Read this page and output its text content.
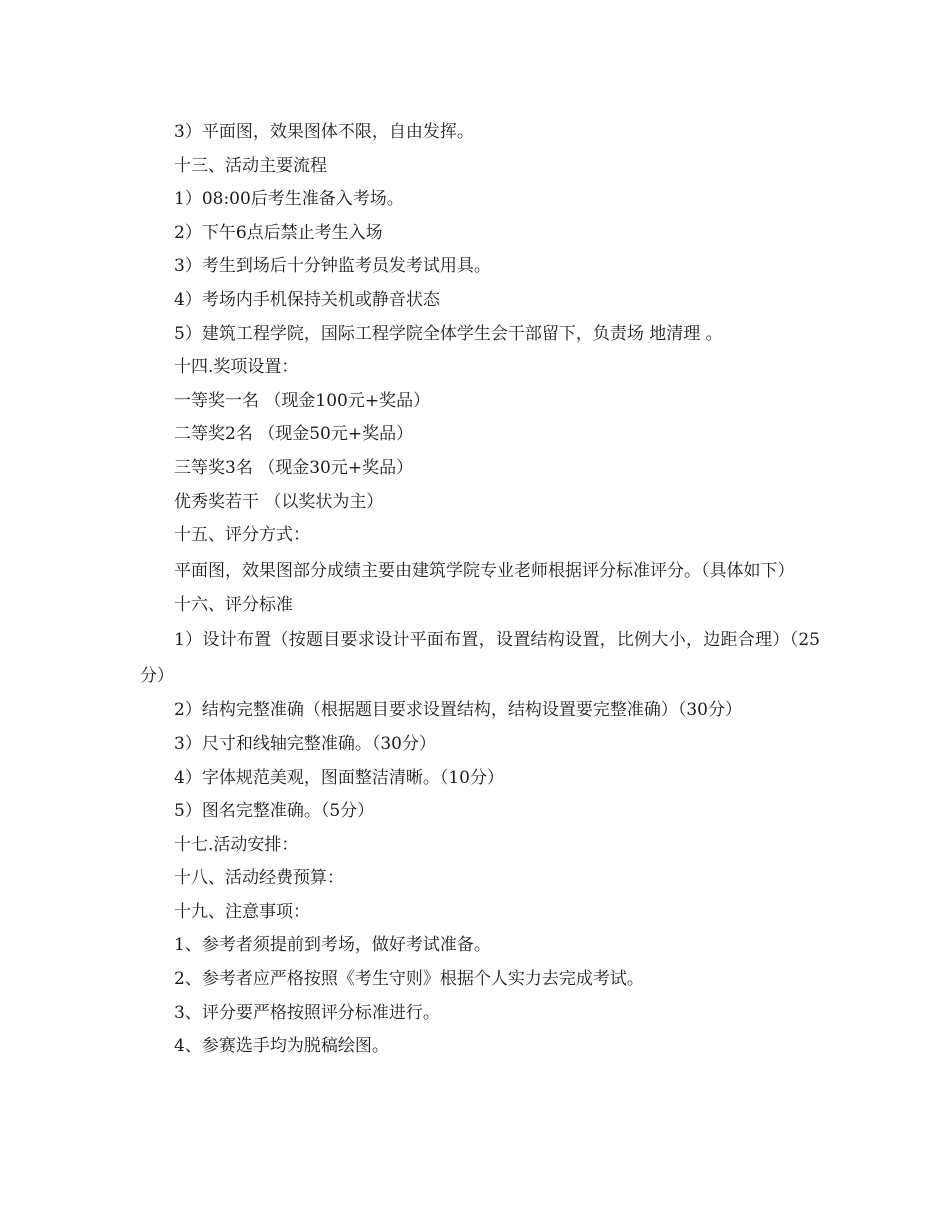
3）平面图，效果图体不限，自由发挥。
十三、活动主要流程
1）08:00后考生准备入考场。
2）下午6点后禁止考生入场
3）考生到场后十分钟监考员发考试用具。
4）考场内手机保持关机或静音状态
5）建筑工程学院，国际工程学院全体学生会干部留下，负责场 地清理 。
十四.奖项设置：
一等奖一名 （现金100元+奖品）
二等奖2名 （现金50元+奖品）
三等奖3名 （现金30元+奖品）
优秀奖若干 （以奖状为主）
十五、评分方式：
平面图，效果图部分成绩主要由建筑学院专业老师根据评分标准评分。（具体如下）
十六、评分标准
1）设计布置（按题目要求设计平面布置，设置结构设置，比例大小，边距合理）（25分）
2）结构完整准确（根据题目要求设置结构，结构设置要完整准确）（30分）
3）尺寸和线轴完整准确。（30分）
4）字体规范美观，图面整洁清晰。（10分）
5）图名完整准确。（5分）
十七.活动安排：
十八、活动经费预算：
十九、注意事项：
1、参考者须提前到考场，做好考试准备。
2、参考者应严格按照《考生守则》根据个人实力去完成考试。
3、评分要严格按照评分标准进行。
4、参赛选手均为脱稿绘图。
